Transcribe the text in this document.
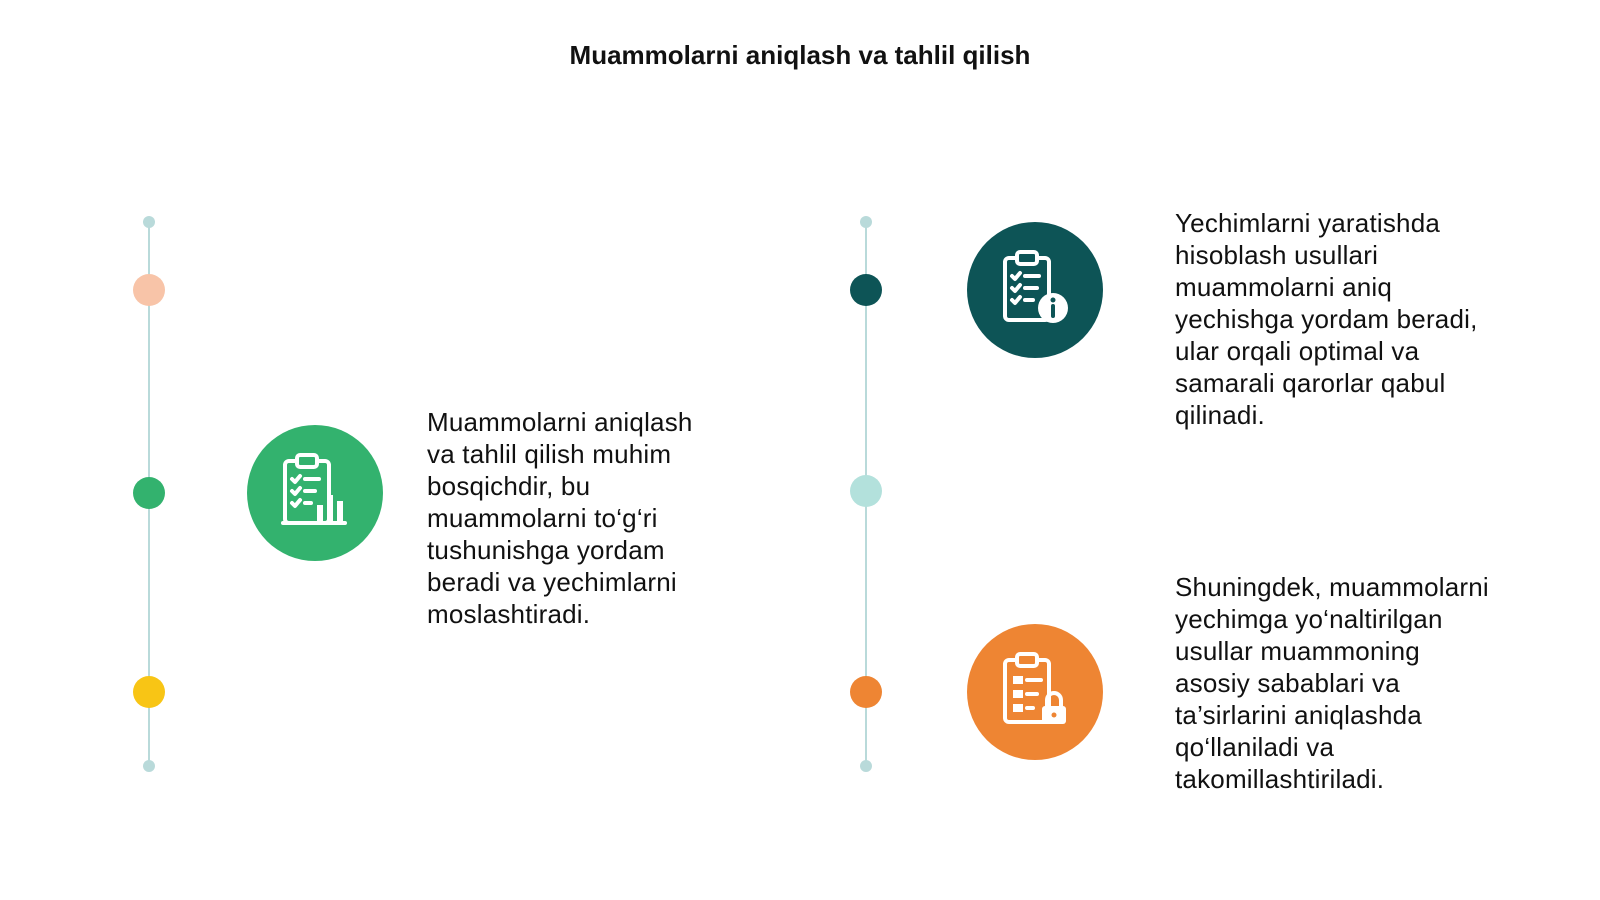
Muammolarni aniqlash va tahlil qilish
Muammolarni aniqlash
va tahlil qilish muhim
bosqichdir, bu
muammolarni to‘g‘ri
tushunishga yordam
beradi va yechimlarni
moslashtiradi.
Yechimlarni yaratishda
hisoblash usullari
muammolarni aniq
yechishga yordam beradi,
ular orqali optimal va
samarali qarorlar qabul
qilinadi.
Shuningdek, muammolarni
yechimga yo‘naltirilgan
usullar muammoning
asosiy sabablari va
ta’sirlarini aniqlashda
qo‘llaniladi va
takomillashtiriladi.
